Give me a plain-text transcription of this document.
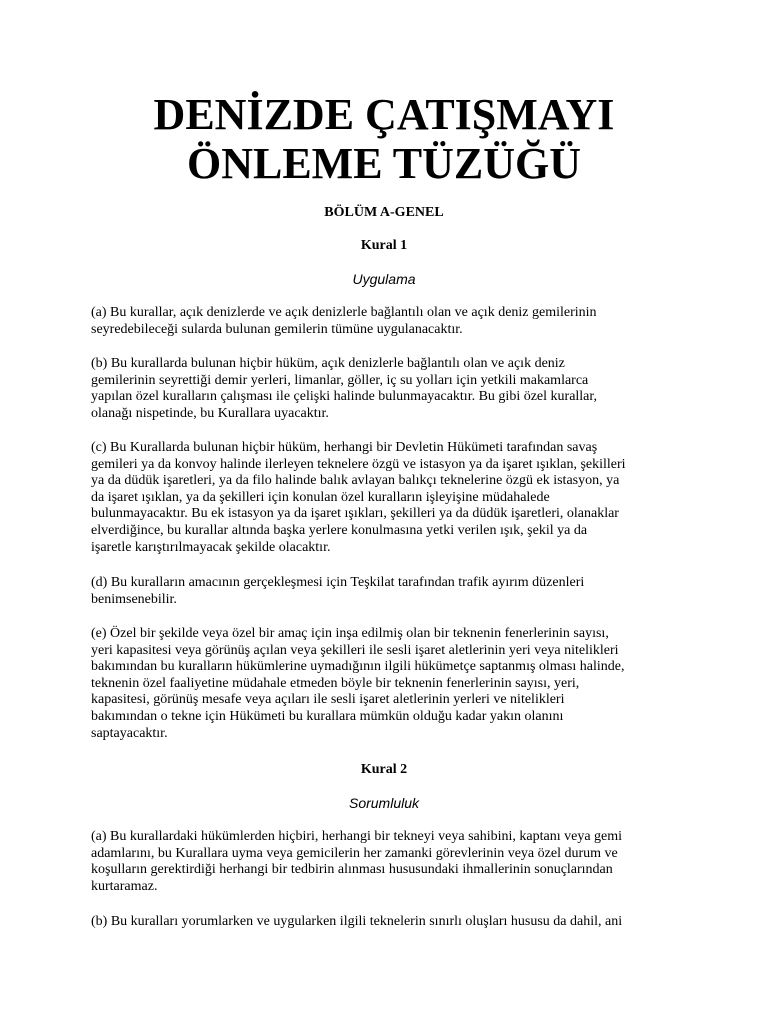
DENİZDE ÇATIŞMAYI
ÖNLEME TÜZÜĞÜ
BÖLÜM A-GENEL
Kural 1
Uygulama
(a) Bu kurallar, açık denizlerde ve açık denizlerle bağlantılı olan ve açık deniz gemilerinin
seyredebileceği sularda bulunan gemilerin tümüne uygulanacaktır.
(b) Bu kurallarda bulunan hiçbir hüküm, açık denizlerle bağlantılı olan ve açık deniz
gemilerinin seyrettiği demir yerleri, limanlar, göller, iç su yolları için yetkili makamlarca
yapılan özel kuralların çalışması ile çelişki halinde bulunmayacaktır. Bu gibi özel kurallar,
olanağı nispetinde, bu Kurallara uyacaktır.
(c) Bu Kurallarda bulunan hiçbir hüküm, herhangi bir Devletin Hükümeti tarafından savaş
gemileri ya da konvoy halinde ilerleyen teknelere özgü ve istasyon ya da işaret ışıklan, şekilleri
ya da düdük işaretleri, ya da filo halinde balık avlayan balıkçı teknelerine özgü ek istasyon, ya
da işaret ışıklan, ya da şekilleri için konulan özel kuralların işleyişine müdahalede
bulunmayacaktır. Bu ek istasyon ya da işaret ışıkları, şekilleri ya da düdük işaretleri, olanaklar
elverdiğince, bu kurallar altında başka yerlere konulmasına yetki verilen ışık, şekil ya da
işaretle karıştırılmayacak şekilde olacaktır.
(d) Bu kuralların amacının gerçekleşmesi için Teşkilat tarafından trafik ayırım düzenleri
benimsenebilir.
(e) Özel bir şekilde veya özel bir amaç için inşa edilmiş olan bir teknenin fenerlerinin sayısı,
yeri kapasitesi veya görünüş açılan veya şekilleri ile sesli işaret aletlerinin yeri veya nitelikleri
bakımından bu kuralların hükümlerine uymadığının ilgili hükümetçe saptanmış olması halinde,
teknenin özel faaliyetine müdahale etmeden böyle bir teknenin fenerlerinin sayısı, yeri,
kapasitesi, görünüş mesafe veya açıları ile sesli işaret aletlerinin yerleri ve nitelikleri
bakımından o tekne için Hükümeti bu kurallara mümkün olduğu kadar yakın olanını
saptayacaktır.
Kural 2
Sorumluluk
(a) Bu kurallardaki hükümlerden hiçbiri, herhangi bir tekneyi veya sahibini, kaptanı veya gemi
adamlarını, bu Kurallara uyma veya gemicilerin her zamanki görevlerinin veya özel durum ve
koşulların gerektirdiği herhangi bir tedbirin alınması hususundaki ihmallerinin sonuçlarından
kurtaramaz.
(b) Bu kuralları yorumlarken ve uygularken ilgili teknelerin sınırlı oluşları hususu da dahil, ani
